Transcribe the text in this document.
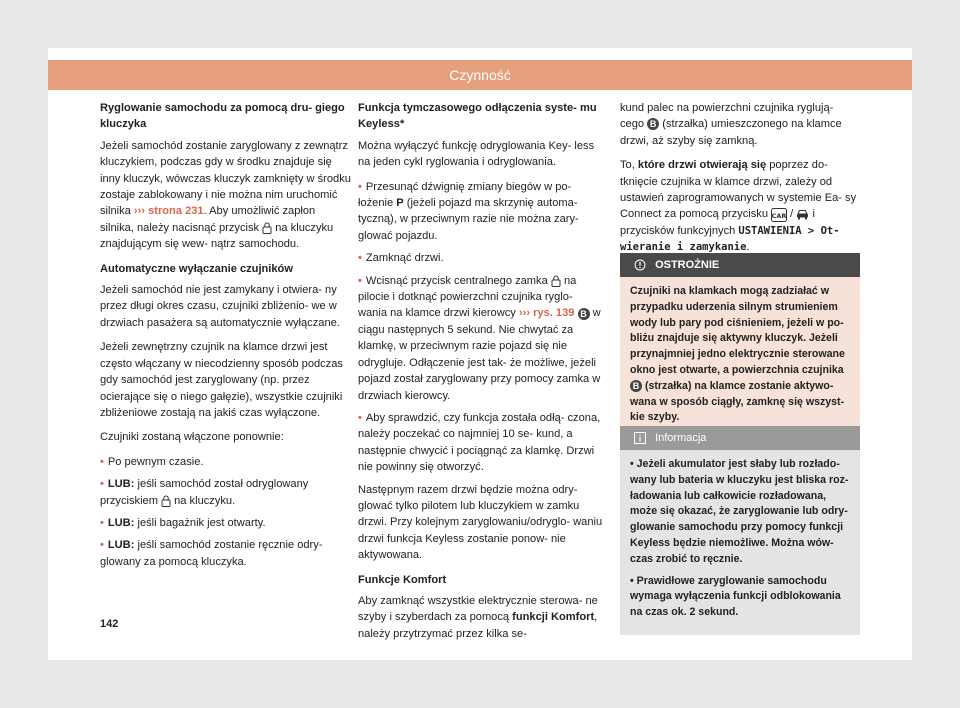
Czynność
Ryglowanie samochodu za pomocą dru- giego kluczyka

Jeżeli samochód zostanie zaryglowany z zewnątrz kluczykiem, podczas gdy w środku znajduje się inny kluczyk, wówczas kluczyk zamknięty w środku zostaje zablokowany i nie można nim uruchomić silnika ››› strona 231. Aby umożliwić zapłon silnika, należy nacisnąć przycisk na kluczyku znajdującym się wew- nątrz samochodu.

Automatyczne wyłączanie czujników

Jeżeli samochód nie jest zamykany i otwiera- ny przez długi okres czasu, czujniki zbliżenio- we w drzwiach pasażera są automatycznie wyłączane.

Jeżeli zewnętrzny czujnik na klamce drzwi jest często włączany w niecodzienny sposób podczas gdy samochód jest zaryglowany (np. przez ocierające się o niego gałęzie), wszystkie czujniki zbliżeniowe zostają na jakiś czas wyłączone.

Czujniki zostaną włączone ponownie:

• Po pewnym czasie.
• LUB: jeśli samochód został odryglowany przyciskiem na kluczyku.
• LUB: jeśli bagażnik jest otwarty.
• LUB: jeśli samochód zostanie ręcznie odry- glowany za pomocą kluczyka.
Funkcja tymczasowego odłączenia syste- mu Keyless*

Można wyłączyć funkcję odryglowania Key- less na jeden cykl ryglowania i odryglowania.

• Przesunąć dźwignię zmiany biegów w po- łożenie P (jeżeli pojazd ma skrzynię automa- tyczną), w przeciwnym razie nie można zary- glować pojazdu.
• Zamknąć drzwi.
• Wcisnąć przycisk centralnego zamka na pilocie i dotknąć powierzchni czujnika ryglo- wania na klamce drzwi kierowcy ››› rys. 139 B w ciągu następnych 5 sekund. Nie chwytać za klamkę, w przeciwnym razie pojazd się nie odrygluje. Odłączenie jest tak- że możliwe, jeżeli pojazd został zaryglowany przy pomocy zamka w drzwiach kierowcy.
• Aby sprawdzić, czy funkcja została odłą- czona, należy poczekać co najmniej 10 se- kund, a następnie chwycić i pociągnąć za klamkę. Drzwi nie powinny się otworzyć.

Następnym razem drzwi będzie można odry- glować tylko pilotem lub kluczykiem w zamku drzwi. Przy kolejnym zaryglowaniu/odryglo- waniu drzwi funkcja Keyless zostanie ponow- nie aktywowana.

Funkcje Komfort

Aby zamknąć wszystkie elektrycznie sterowa- ne szyby i szyberdach za pomocą funkcji Komfort, należy przytrzymać przez kilka se-

kund palec na powierzchni czujnika ryglują- cego B (strzałka) umieszczonego na klamce drzwi, aż szyby się zamkną.

To, które drzwi otwierają się poprzez do- tknięcie czujnika w klamce drzwi, zależy od ustawień zaprogramowanych w systemie Ea- sy Connect za pomocą przycisku CAR / i przycisków funkcyjnych USTAWIENIA > Ot- wieranie i zamykanie.

OSTROŻNIE
Czujniki na klamkach mogą zadziałać w przypadku uderzenia silnym strumieniem wody lub pary pod ciśnieniem, jeżeli w po- bliżu znajduje się aktywny kluczyk. Jeżeli przynajmniej jedno elektrycznie sterowane okno jest otwarte, a powierzchnia czujnika B (strzałka) na klamce zostanie aktywo- wana w sposób ciągły, zamknę się wszyst- kie szyby.
Informacja

• Jeżeli akumulator jest słaby lub rozłado- wany lub bateria w kluczyku jest bliska roz- ładowania lub całkowicie rozładowana, może się okazać, że zaryglowanie lub odry- glowanie samochodu przy pomocy funkcji Keyless będzie niemożliwe. Można wów- czas zrobić to ręcznie.

• Prawidłowe zaryglowanie samochodu wymaga wyłączenia funkcji odblokowania na czas ok. 2 sekund.

142
